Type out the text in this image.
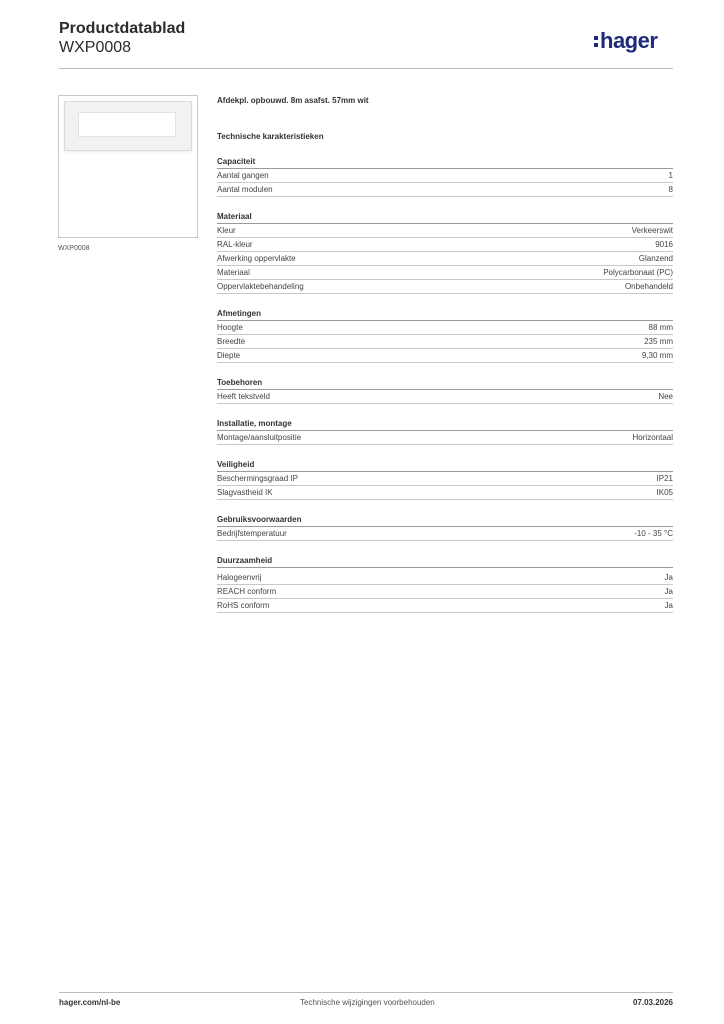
Productdatablad
WXP0008	hager
WXP0008
Afdekpl. opbouwd. 8m asafst. 57mm wit
Technische karakteristieken
Capaciteit
Aantal gangen	1
Aantal modulen	8
Materiaal
Kleur	Verkeerswit
RAL-kleur	9016
Afwerking oppervlakte	Glanzend
Materiaal	Polycarbonaat (PC)
Oppervlaktebehandeling	Onbehandeld
Afmetingen
Hoogte	88 mm
Breedte	235 mm
Diepte	9,30 mm
Toebehoren
Heeft tekstveld	Nee
Installatie, montage
Montage/aansluitpositie	Horizontaal
Veiligheid
Beschermingsgraad IP	IP21
Slagvastheid IK	IK05
Gebruiksvoorwaarden
Bedrijfstemperatuur	-10 - 35 °C
Duurzaamheid
Halogeenvrij	Ja
REACH conform	Ja
RoHS conform	Ja
hager.com/nl-be	Technische wijzigingen voorbehouden	07.03.2026
